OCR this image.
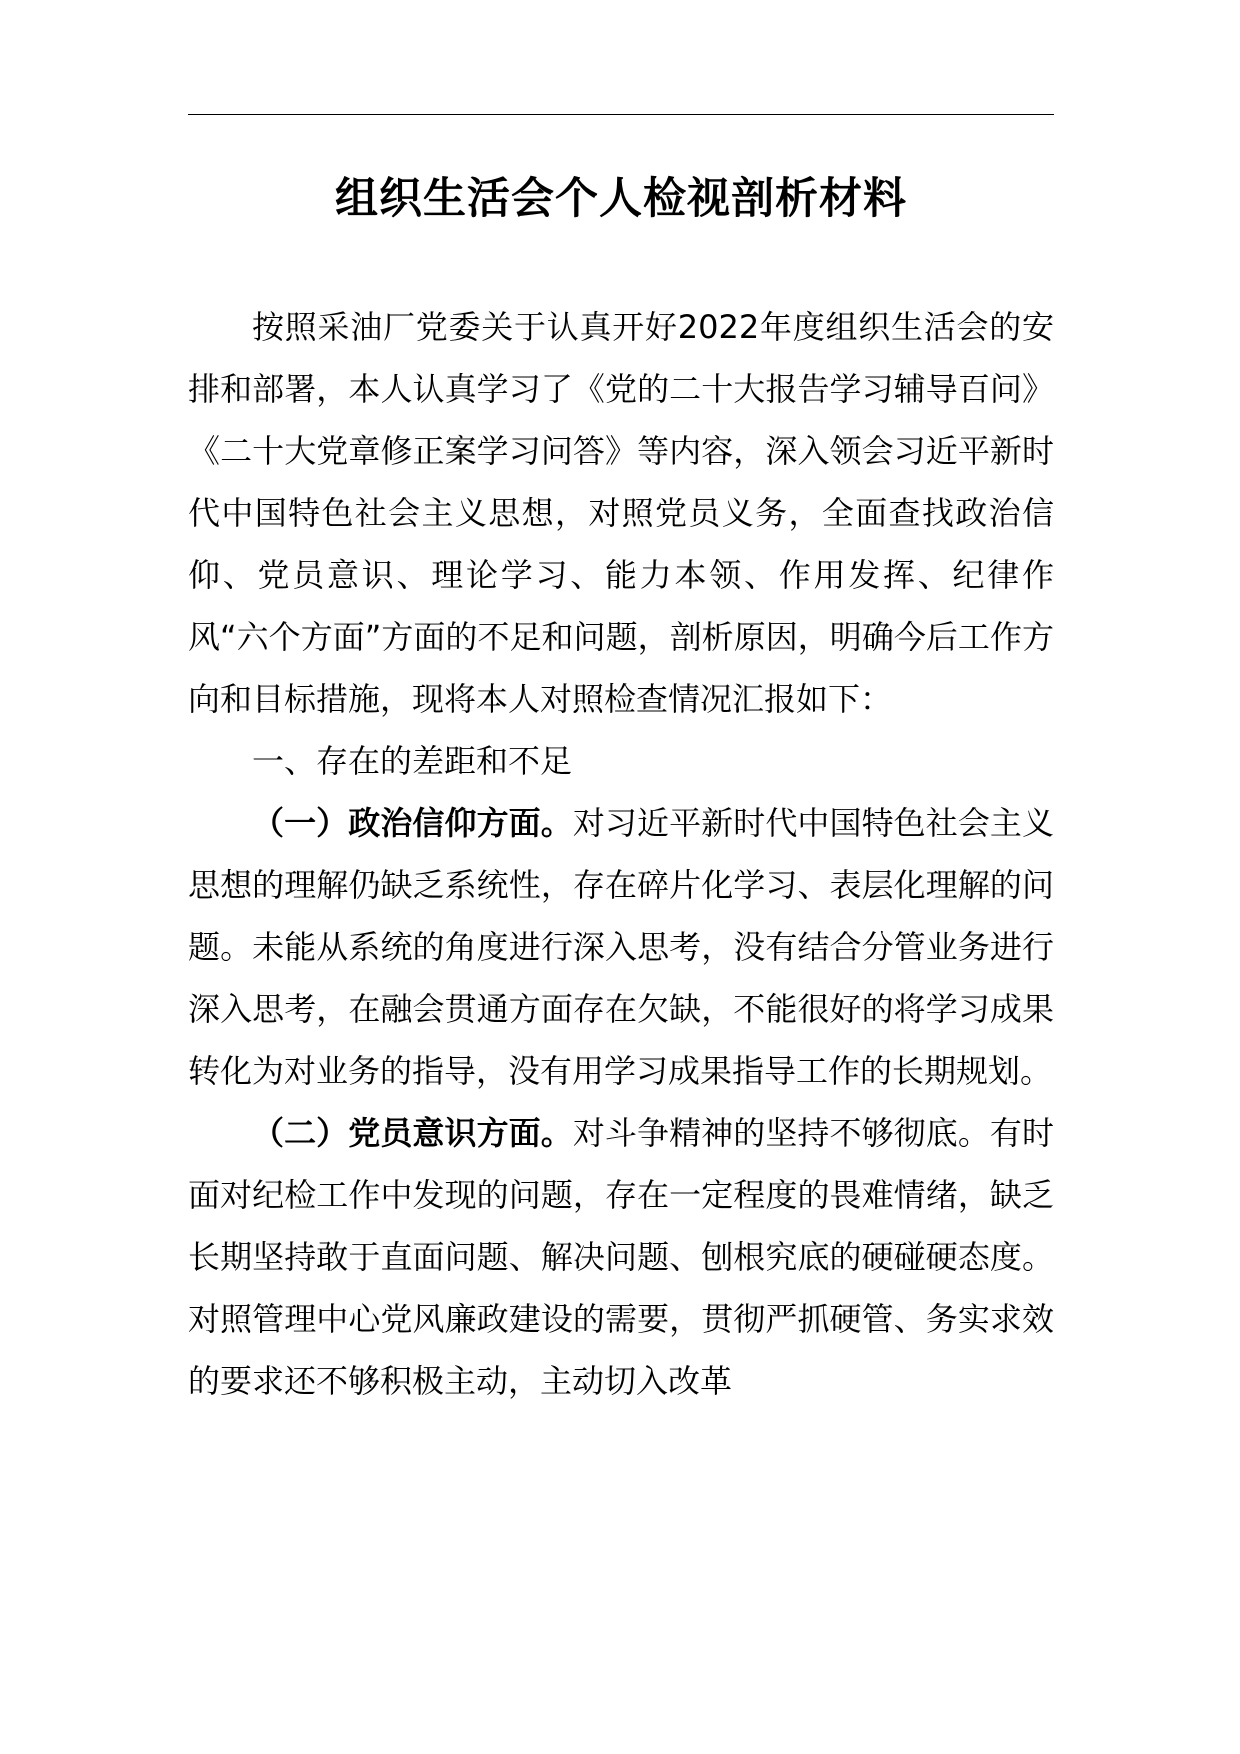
组织生活会个人检视剖析材料

按照采油厂党委关于认真开好2022年度组织生活会的安排和部署，本人认真学习了《党的二十大报告学习辅导百问》《二十大党章修正案学习问答》等内容，深入领会习近平新时代中国特色社会主义思想，对照党员义务，全面查找政治信仰、党员意识、理论学习、能力本领、作用发挥、纪律作风“六个方面”方面的不足和问题，剖析原因，明确今后工作方向和目标措施，现将本人对照检查情况汇报如下：

一、存在的差距和不足

（一）政治信仰方面。对习近平新时代中国特色社会主义思想的理解仍缺乏系统性，存在碎片化学习、表层化理解的问题。未能从系统的角度进行深入思考，没有结合分管业务进行深入思考，在融会贯通方面存在欠缺，不能很好的将学习成果转化为对业务的指导，没有用学习成果指导工作的长期规划。

（二）党员意识方面。对斗争精神的坚持不够彻底。有时面对纪检工作中发现的问题，存在一定程度的畏难情绪，缺乏长期坚持敢于直面问题、解决问题、刨根究底的硬碰硬态度。对照管理中心党风廉政建设的需要，贯彻严抓硬管、务实求效的要求还不够积极主动，主动切入改革
